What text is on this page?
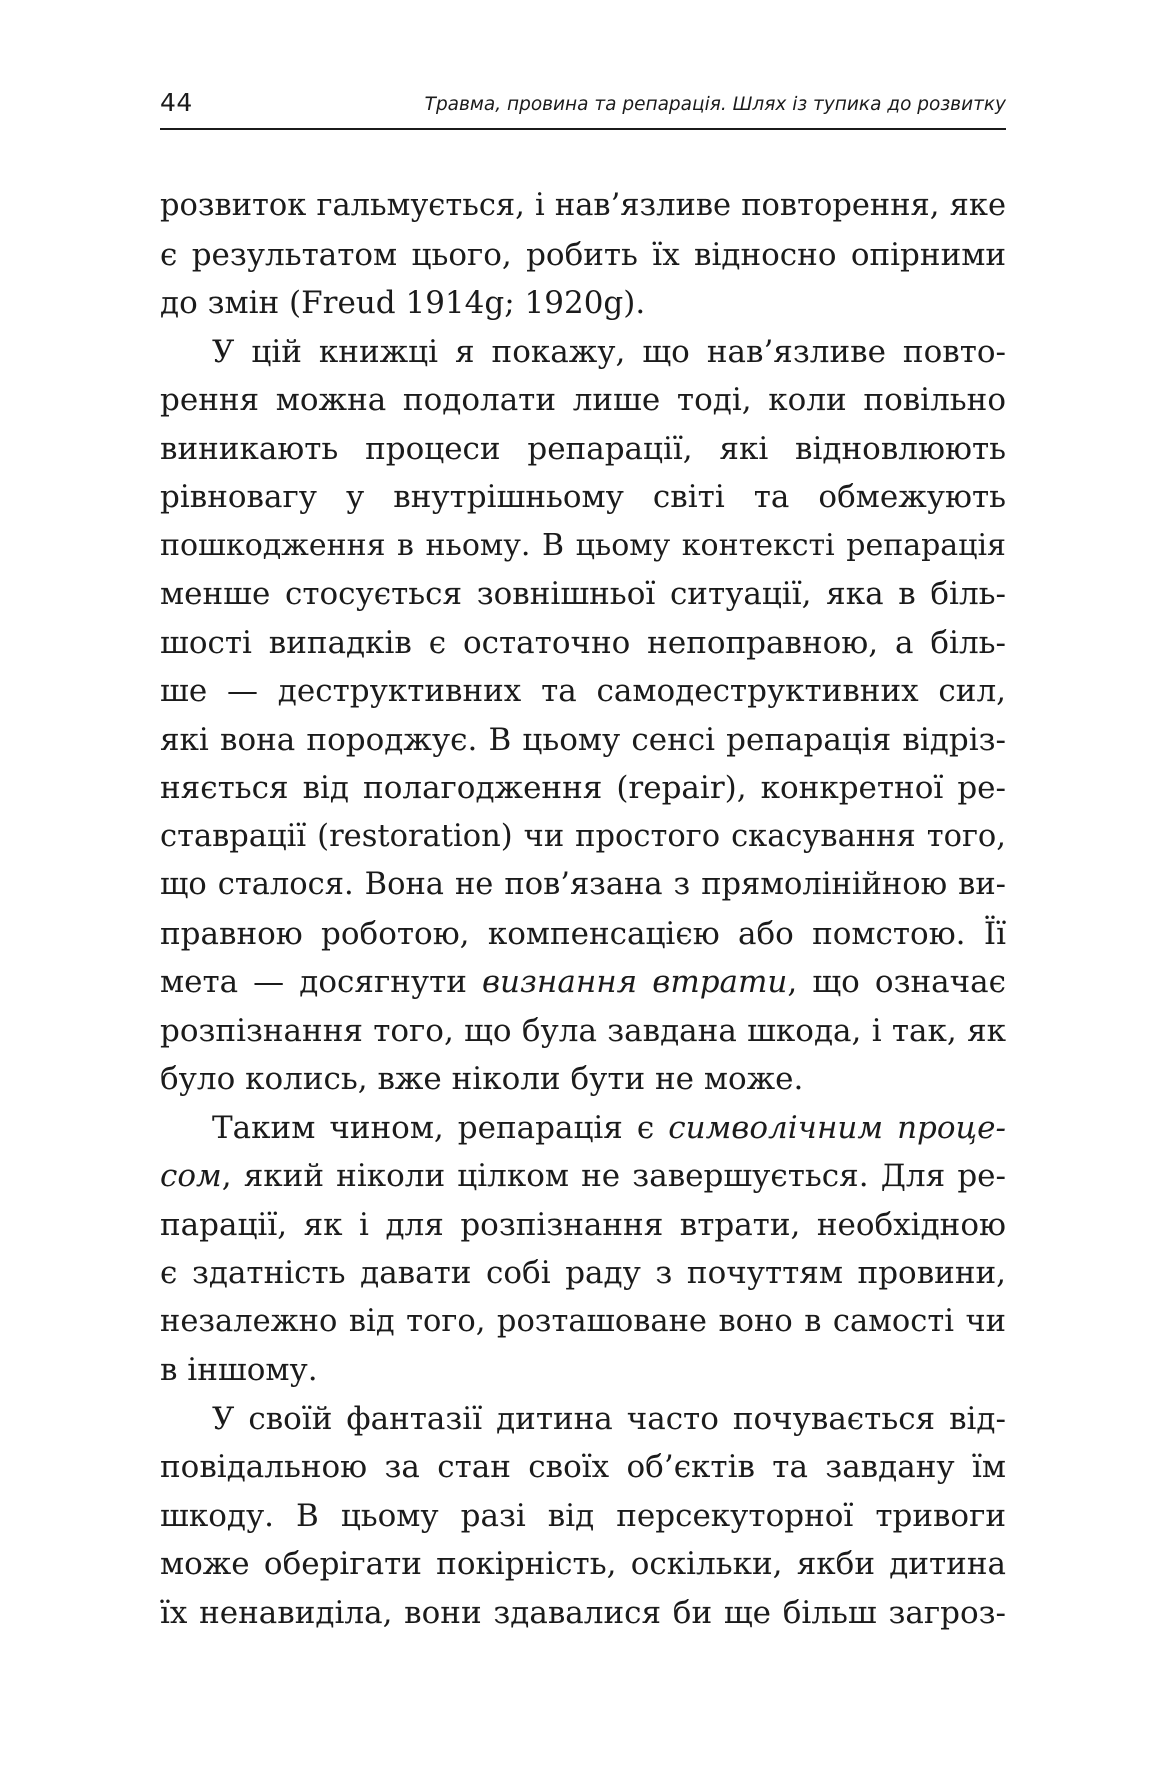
44	Травма, провина та репарація. Шлях із тупика до розвитку
розвиток гальмується, і нав’язливе повторення, яке
є результатом цього, робить їх відносно опірними
до змін (Freud 1914g; 1920g).
У цій книжці я покажу, що нав’язливе повто-
рення можна подолати лише тоді, коли повільно
виникають процеси репарації, які відновлюють
рівновагу у внутрішньому світі та обмежують
пошкодження в ньому. В цьому контексті репарація
менше стосується зовнішньої ситуації, яка в біль-
шості випадків є остаточно непоправною, а біль-
ше — деструктивних та самодеструктивних сил,
які вона породжує. В цьому сенсі репарація відріз-
няється від полагодження (repair), конкретної ре-
ставрації (restoration) чи простого скасування того,
що сталося. Вона не пов’язана з прямолінійною ви-
правною роботою, компенсацією або помстою. Її
мета — досягнути визнання втрати, що означає
розпізнання того, що була завдана шкода, і так, як
було колись, вже ніколи бути не може.
Таким чином, репарація є символічним проце-
сом, який ніколи цілком не завершується. Для ре-
парації, як і для розпізнання втрати, необхідною
є здатність давати собі раду з почуттям провини,
незалежно від того, розташоване воно в самості чи
в іншому.
У своїй фантазії дитина часто почувається від-
повідальною за стан своїх об’єктів та завдану їм
шкоду. В цьому разі від персекуторної тривоги
може оберігати покірність, оскільки, якби дитина
їх ненавиділа, вони здавалися би ще більш загроз-
